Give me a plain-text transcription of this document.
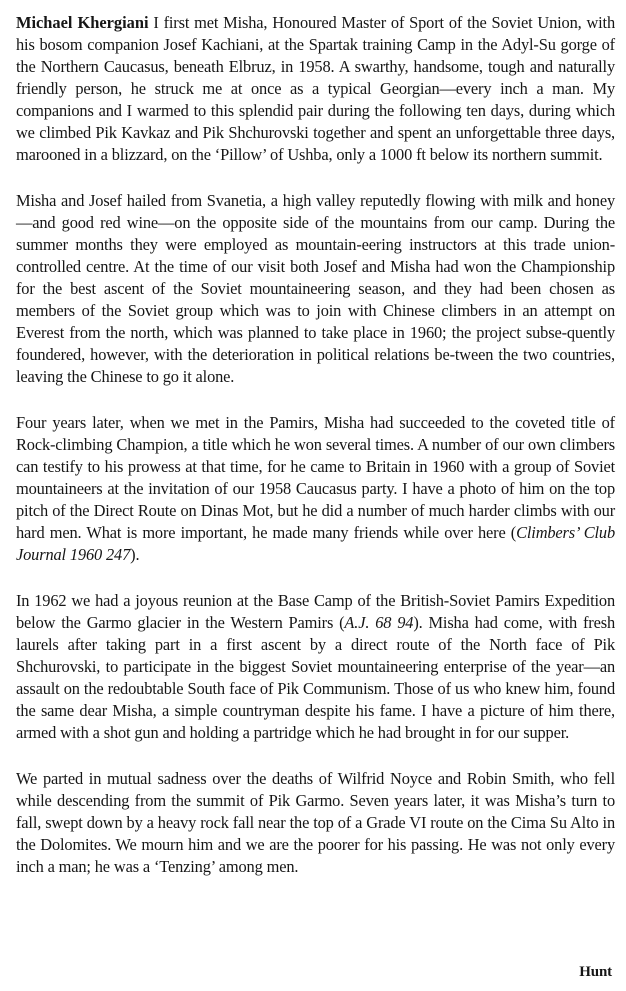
Michael Khergiani I first met Misha, Honoured Master of Sport of the Soviet Union, with his bosom companion Josef Kachiani, at the Spartak training Camp in the Adyl-Su gorge of the Northern Caucasus, beneath Elbruz, in 1958. A swarthy, handsome, tough and naturally friendly person, he struck me at once as a typical Georgian—every inch a man. My companions and I warmed to this splendid pair during the following ten days, during which we climbed Pik Kavkaz and Pik Shchurovski together and spent an unforgettable three days, marooned in a blizzard, on the ‘Pillow’ of Ushba, only a 1000 ft below its northern summit.

Misha and Josef hailed from Svanetia, a high valley reputedly flowing with milk and honey—and good red wine—on the opposite side of the mountains from our camp. During the summer months they were employed as mountain-eering instructors at this trade union-controlled centre. At the time of our visit both Josef and Misha had won the Championship for the best ascent of the Soviet mountaineering season, and they had been chosen as members of the Soviet group which was to join with Chinese climbers in an attempt on Everest from the north, which was planned to take place in 1960; the project subse-quently foundered, however, with the deterioration in political relations be-tween the two countries, leaving the Chinese to go it alone.

Four years later, when we met in the Pamirs, Misha had succeeded to the coveted title of Rock-climbing Champion, a title which he won several times. A number of our own climbers can testify to his prowess at that time, for he came to Britain in 1960 with a group of Soviet mountaineers at the invitation of our 1958 Caucasus party. I have a photo of him on the top pitch of the Direct Route on Dinas Mot, but he did a number of much harder climbs with our hard men. What is more important, he made many friends while over here (Climbers’ Club Journal 1960 247).

In 1962 we had a joyous reunion at the Base Camp of the British-Soviet Pamirs Expedition below the Garmo glacier in the Western Pamirs (A.J. 68 94). Misha had come, with fresh laurels after taking part in a first ascent by a direct route of the North face of Pik Shchurovski, to participate in the biggest Soviet mountaineering enterprise of the year—an assault on the redoubtable South face of Pik Communism. Those of us who knew him, found the same dear Misha, a simple countryman despite his fame. I have a picture of him there, armed with a shot gun and holding a partridge which he had brought in for our supper.

We parted in mutual sadness over the deaths of Wilfrid Noyce and Robin Smith, who fell while descending from the summit of Pik Garmo. Seven years later, it was Misha’s turn to fall, swept down by a heavy rock fall near the top of a Grade VI route on the Cima Su Alto in the Dolomites. We mourn him and we are the poorer for his passing. He was not only every inch a man; he was a ‘Tenzing’ among men.

Hunt
